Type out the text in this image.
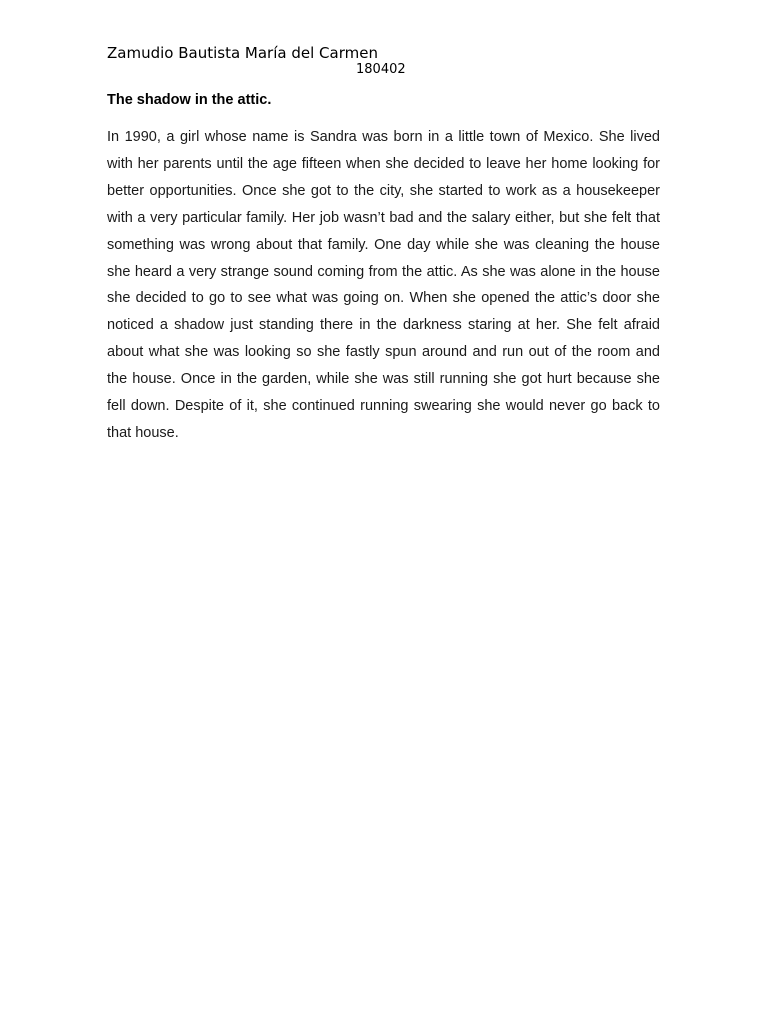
Zamudio Bautista María del Carmen
180402
The shadow in the attic.

In 1990, a girl whose name is Sandra was born in a little town of Mexico. She lived with her parents until the age fifteen when she decided to leave her home looking for better opportunities. Once she got to the city, she started to work as a housekeeper with a very particular family. Her job wasn’t bad and the salary either, but she felt that something was wrong about that family. One day while she was cleaning the house she heard a very strange sound coming from the attic. As she was alone in the house she decided to go to see what was going on. When she opened the attic’s door she noticed a shadow just standing there in the darkness staring at her. She felt afraid about what she was looking so she fastly spun around and run out of the room and the house. Once in the garden, while she was still running she got hurt because she fell down. Despite of it, she continued running swearing she would never go back to that house.
